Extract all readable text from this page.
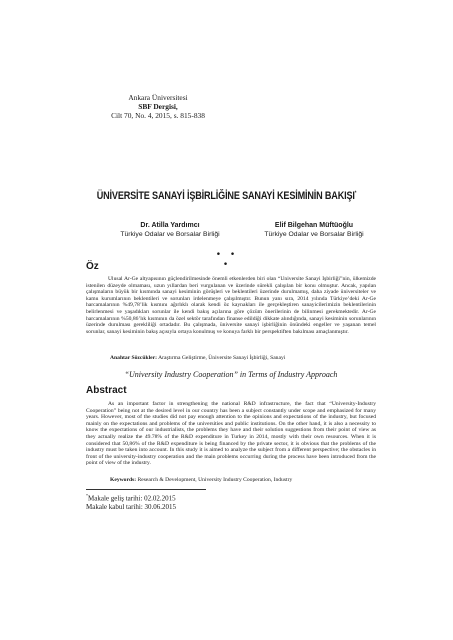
Ankara Üniversitesi
SBF Dergisi,
Cilt 70, No. 4, 2015, s. 815-838
ÜNİVERSİTE SANAYİ İŞBİRLİĞİNE SANAYİ KESİMİNİN BAKIŞI*
Dr. Atilla Yardımcı
Türkiye Odalar ve Borsalar Birliği
Elif Bilgehan Müftüoğlu
Türkiye Odalar ve Borsalar Birliği
• • •
Öz
Ulusal Ar-Ge altyapısının güçlendirilmesinde önemli etkenlerden biri olan “Üniversite Sanayi İşbirliği”nin, ülkemizde istenilen düzeyde olmaması, uzun yıllardan beri vurgulanan ve üzerinde sürekli çalışılan bir konu olmuştur. Ancak, yapılan çalışmaların büyük bir kısmında sanayi kesiminin görüşleri ve beklentileri üzerinde durulmamış, daha ziyade üniversiteler ve kamu kurumlarının beklentileri ve sorunları irdelenmeye çalışılmıştır. Bunun yanı sıra, 2014 yılında Türkiye’deki Ar-Ge harcamalarının %49,78’lik kısmını ağırlıklı olarak kendi öz kaynakları ile gerçekleştiren sanayicilerimizin beklentilerinin belirlenmesi ve yaşadıkları sorunlar ile kendi bakış açılarına göre çözüm önerilerinin de bilinmesi gerekmektedir. Ar-Ge harcamalarının %50,86’lık kısmının da özel sektör tarafından finanse edildiği dikkate alındığında, sanayi kesiminin sorunlarının üzerinde durulması gerekliliği ortadadır. Bu çalışmada, üniversite sanayi işbirliğinin önündeki engeller ve yaşanan temel sorunlar, sanayi kesiminin bakış açısıyla ortaya konulmuş ve konuya farklı bir perspektiften bakılması amaçlanmıştır.
Anahtar Sözcükler: Araştırma Geliştirme, Üniversite Sanayi İşbirliği, Sanayi
“University Industry Cooperation” in Terms of Industry Approach
Abstract
As an important factor in strengthening the national R&D infrastructure, the fact that “University-Industry Cooperation” being not at the desired level in our country has been a subject constantly under scope and emphasized for many years. However, most of the studies did not pay enough attention to the opinions and expectations of the industry, but focused mainly on the expectations and problems of the universities and public institutions. On the other hand, it is also a necessity to know the expectations of our industrialists, the problems they have and their solution suggestions from their point of view as they actually realize the 49.78% of the R&D expenditure in Turkey in 2014, mostly with their own resources. When it is considered that 50,86% of the R&D expenditure is being financed by the private sector, it is obvious that the problems of the industry must be taken into account. In this study it is aimed to analyze the subject from a different perspective; the obstacles in front of the university-industry cooperation and the main problems occurring during the process have been introduced from the point of view of the industry.
Keywords: Research & Development, University Industry Cooperation, Industry
*Makale geliş tarihi: 02.02.2015
Makale kabul tarihi: 30.06.2015
